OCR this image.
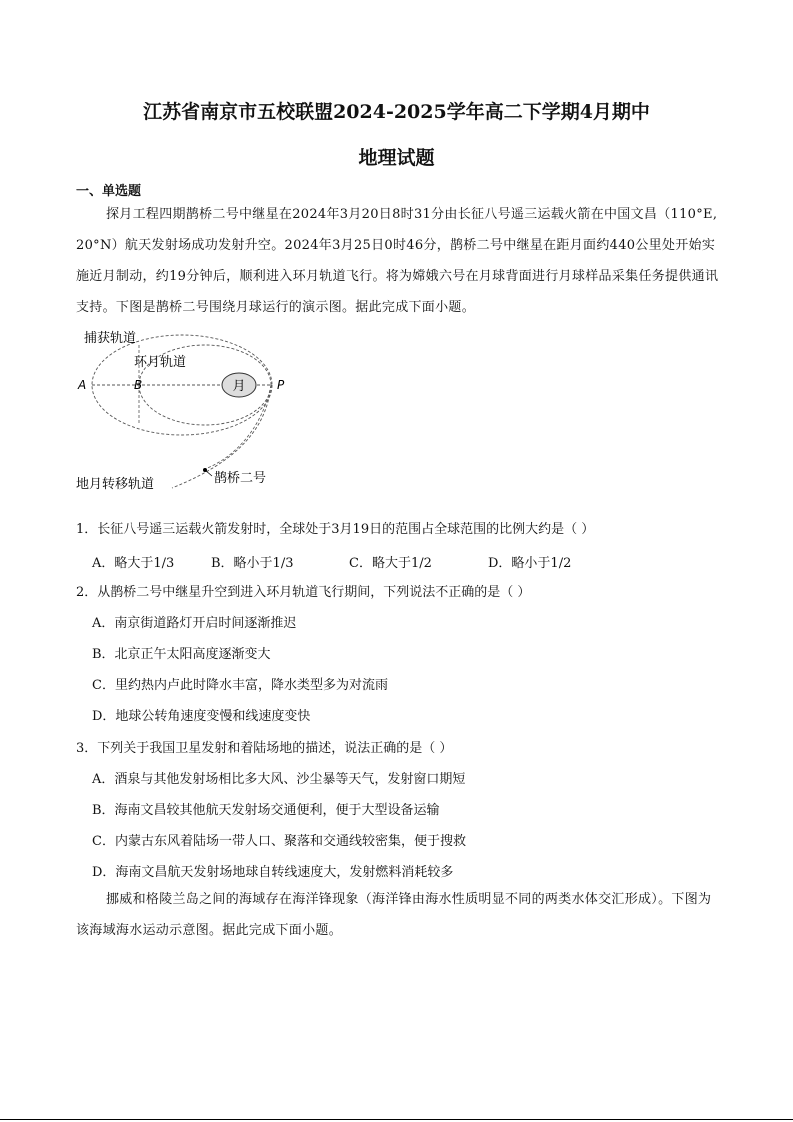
江苏省南京市五校联盟2024-2025学年高二下学期4月期中
地理试题
一、单选题
探月工程四期鹊桥二号中继星在2024年3月20日8时31分由长征八号遥三运载火箭在中国文昌（110°E, 20°N）航天发射场成功发射升空。2024年3月25日0时46分，鹊桥二号中继星在距月面约440公里处开始实施近月制动，约19分钟后，顺利进入环月轨道飞行。将为嫦娥六号在月球背面进行月球样品采集任务提供通讯支持。下图是鹊桥二号围绕月球运行的演示图。据此完成下面小题。
月
捕获轨道
环月轨道
A	B	P
地月转移轨道	鹊桥二号
1．长征八号遥三运载火箭发射时，全球处于3月19日的范围占全球范围的比例大约是（ ）
A．略大于1/3	B．略小于1/3	C．略大于1/2	D．略小于1/2
2．从鹊桥二号中继星升空到进入环月轨道飞行期间，下列说法不正确的是（ ）
A．南京街道路灯开启时间逐渐推迟
B．北京正午太阳高度逐渐变大
C．里约热内卢此时降水丰富，降水类型多为对流雨
D．地球公转角速度变慢和线速度变快
3．下列关于我国卫星发射和着陆场地的描述，说法正确的是（ ）
A．酒泉与其他发射场相比多大风、沙尘暴等天气，发射窗口期短
B．海南文昌较其他航天发射场交通便利，便于大型设备运输
C．内蒙古东风着陆场一带人口、聚落和交通线较密集，便于搜救
D．海南文昌航天发射场地球自转线速度大，发射燃料消耗较多
挪威和格陵兰岛之间的海域存在海洋锋现象（海洋锋由海水性质明显不同的两类水体交汇形成）。下图为该海域海水运动示意图。据此完成下面小题。
